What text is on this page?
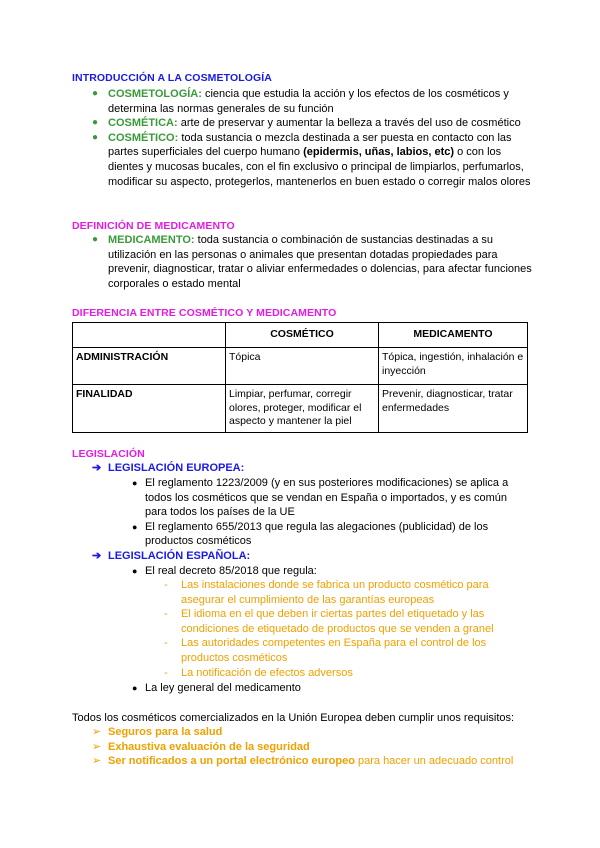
INTRODUCCIÓN A LA COSMETOLOGÍA
● COSMETOLOGÍA: ciencia que estudia la acción y los efectos de los cosméticos y determina las normas generales de su función
● COSMÉTICA: arte de preservar y aumentar la belleza a través del uso de cosmético
● COSMÉTICO: toda sustancia o mezcla destinada a ser puesta en contacto con las partes superficiales del cuerpo humano (epidermis, uñas, labios, etc) o con los dientes y mucosas bucales, con el fin exclusivo o principal de limpiarlos, perfumarlos, modificar su aspecto, protegerlos, mantenerlos en buen estado o corregir malos olores
DEFINICIÓN DE MEDICAMENTO
● MEDICAMENTO: toda sustancia o combinación de sustancias destinadas a su utilización en las personas o animales que presentan dotadas propiedades para prevenir, diagnosticar, tratar o aliviar enfermedades o dolencias, para afectar funciones corporales o estado mental
DIFERENCIA ENTRE COSMÉTICO Y MEDICAMENTO
	COSMÉTICO	MEDICAMENTO
ADMINISTRACIÓN	Tópica	Tópica, ingestión, inhalación e inyección
FINALIDAD	Limpiar, perfumar, corregir olores, proteger, modificar el aspecto y mantener la piel	Prevenir, diagnosticar, tratar enfermedades
LEGISLACIÓN
➔ LEGISLACIÓN EUROPEA:
● El reglamento 1223/2009 (y en sus posteriores modificaciones) se aplica a todos los cosméticos que se vendan en España o importados, y es común para todos los países de la UE
● El reglamento 655/2013 que regula las alegaciones (publicidad) de los productos cosméticos
➔ LEGISLACIÓN ESPAÑOLA:
● El real decreto 85/2018 que regula:
- Las instalaciones donde se fabrica un producto cosmético para asegurar el cumplimiento de las garantías europeas
- El idioma en el que deben ir ciertas partes del etiquetado y las condiciones de etiquetado de productos que se venden a granel
- Las autoridades competentes en España para el control de los productos cosméticos
- La notificación de efectos adversos
● La ley general del medicamento
Todos los cosméticos comercializados en la Unión Europea deben cumplir unos requisitos:
➢ Seguros para la salud
➢ Exhaustiva evaluación de la seguridad
➢ Ser notificados a un portal electrónico europeo para hacer un adecuado control
